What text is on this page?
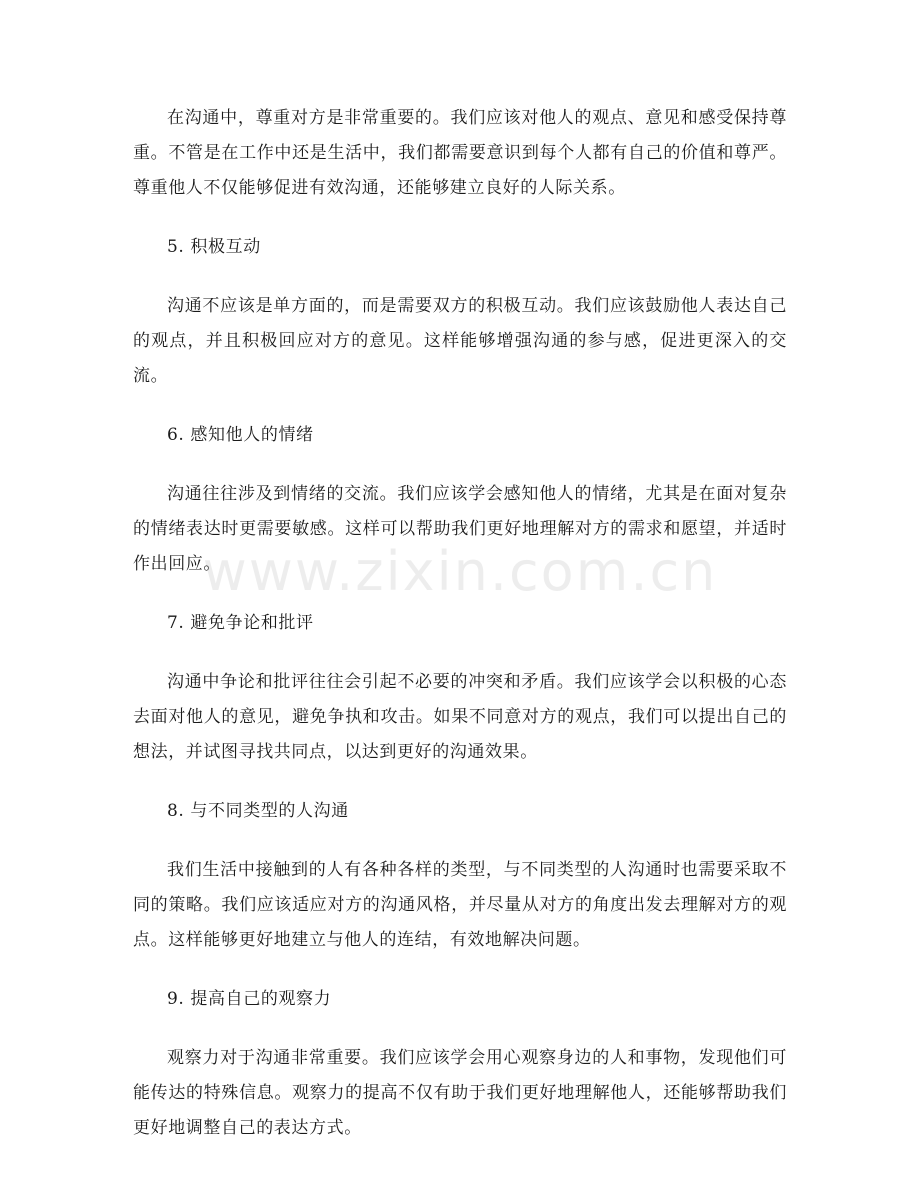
在沟通中，尊重对方是非常重要的。我们应该对他人的观点、意见和感受保持尊重。不管是在工作中还是生活中，我们都需要意识到每个人都有自己的价值和尊严。尊重他人不仅能够促进有效沟通，还能够建立良好的人际关系。

5. 积极互动

沟通不应该是单方面的，而是需要双方的积极互动。我们应该鼓励他人表达自己的观点，并且积极回应对方的意见。这样能够增强沟通的参与感，促进更深入的交流。

6. 感知他人的情绪

沟通往往涉及到情绪的交流。我们应该学会感知他人的情绪，尤其是在面对复杂的情绪表达时更需要敏感。这样可以帮助我们更好地理解对方的需求和愿望，并适时作出回应。

7. 避免争论和批评

沟通中争论和批评往往会引起不必要的冲突和矛盾。我们应该学会以积极的心态去面对他人的意见，避免争执和攻击。如果不同意对方的观点，我们可以提出自己的想法，并试图寻找共同点，以达到更好的沟通效果。

8. 与不同类型的人沟通

我们生活中接触到的人有各种各样的类型，与不同类型的人沟通时也需要采取不同的策略。我们应该适应对方的沟通风格，并尽量从对方的角度出发去理解对方的观点。这样能够更好地建立与他人的连结，有效地解决问题。

9. 提高自己的观察力

观察力对于沟通非常重要。我们应该学会用心观察身边的人和事物，发现他们可能传达的特殊信息。观察力的提高不仅有助于我们更好地理解他人，还能够帮助我们更好地调整自己的表达方式。

www.zixin.com.cn
